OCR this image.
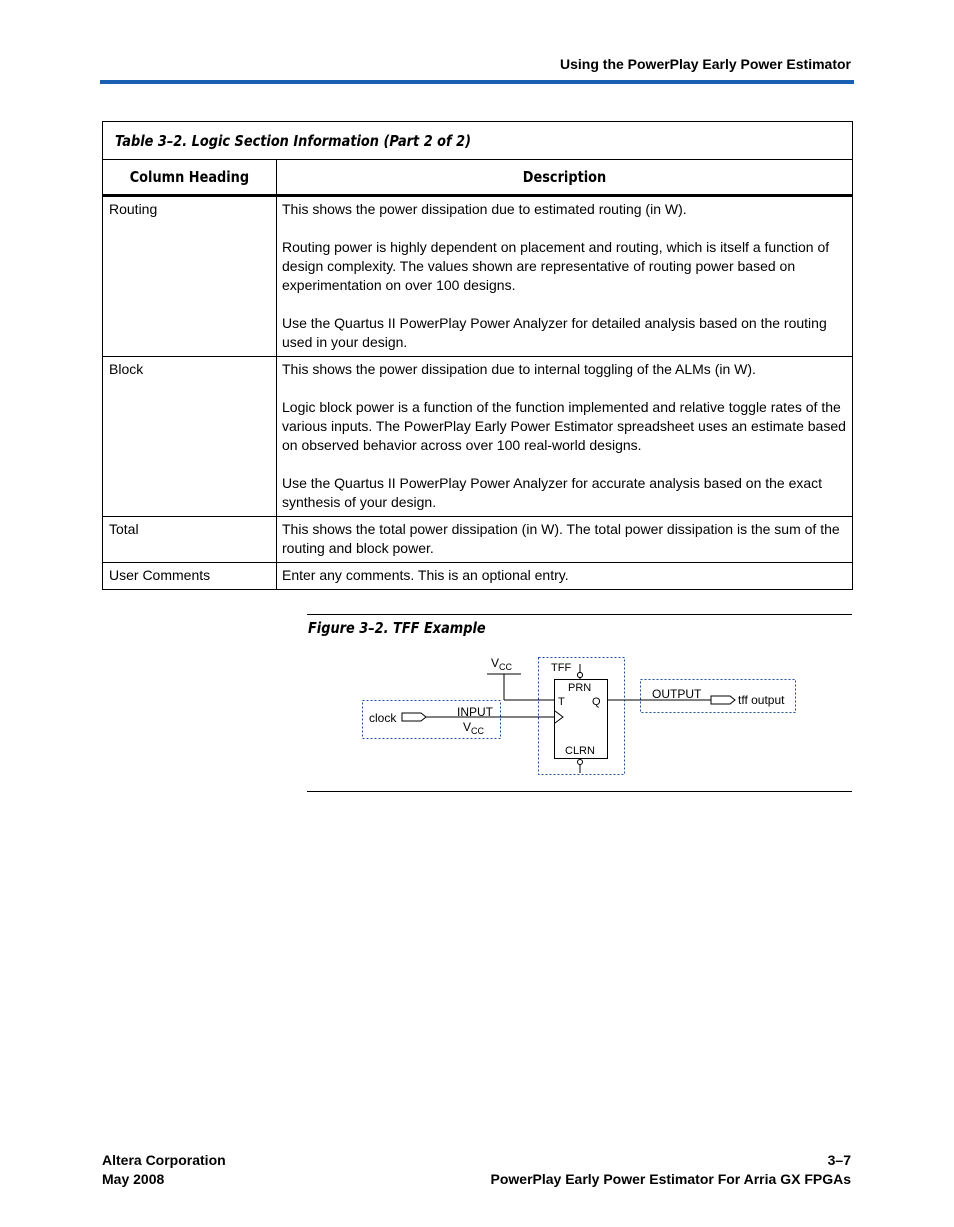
Using the PowerPlay Early Power Estimator
Table 3–2. Logic Section Information (Part 2 of 2)	
Column Heading	Description
Routing	This shows the power dissipation due to estimated routing (in W).

Routing power is highly dependent on placement and routing, which is itself a function of design complexity. The values shown are representative of routing power based on experimentation on over 100 designs.

Use the Quartus II PowerPlay Power Analyzer for detailed analysis based on the routing used in your design.

Block	This shows the power dissipation due to internal toggling of the ALMs (in W).

Logic block power is a function of the function implemented and relative toggle rates of the various inputs. The PowerPlay Early Power Estimator spreadsheet uses an estimate based on observed behavior across over 100 real-world designs.

Use the Quartus II PowerPlay Power Analyzer for accurate analysis based on the exact synthesis of your design.

Total	This shows the total power dissipation (in W). The total power dissipation is the sum of the routing and block power.

User Comments	Enter any comments. This is an optional entry.

Figure 3–2. TFF Example
$V_{CC}$	TFF
PRN
T Q
CLRN
clock	INPUT
$V_{CC}$
OUTPUT	tff output
Altera Corporation
May 2008
3–7
PowerPlay Early Power Estimator For Arria GX FPGAs
